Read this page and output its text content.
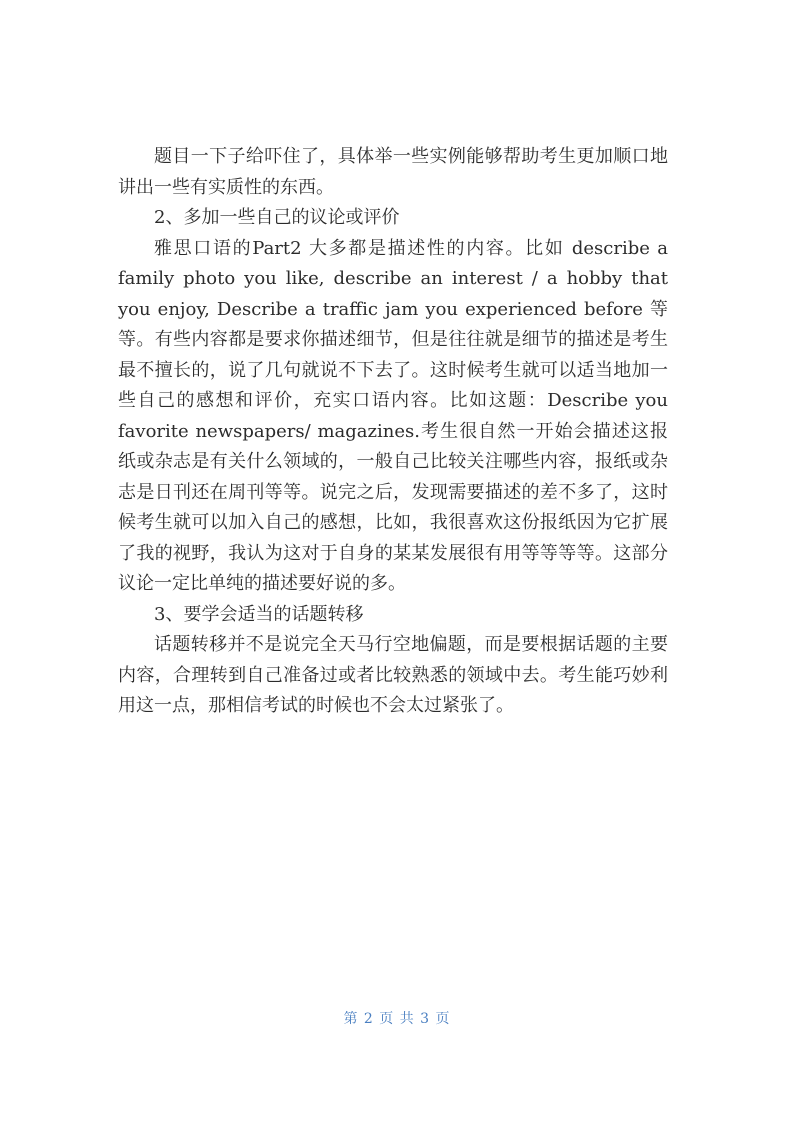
题目一下子给吓住了，具体举一些实例能够帮助考生更加顺口地讲出一些有实质性的东西。

2、多加一些自己的议论或评价

雅思口语的Part2 大多都是描述性的内容。比如 describe a family photo you like, describe an interest / a hobby that you enjoy, Describe a traffic jam you experienced before 等等。有些内容都是要求你描述细节，但是往往就是细节的描述是考生最不擅长的，说了几句就说不下去了。这时候考生就可以适当地加一些自己的感想和评价，充实口语内容。比如这题：Describe you favorite newspapers/ magazines.考生很自然一开始会描述这报纸或杂志是有关什么领域的，一般自己比较关注哪些内容，报纸或杂志是日刊还在周刊等等。说完之后，发现需要描述的差不多了，这时候考生就可以加入自己的感想，比如，我很喜欢这份报纸因为它扩展了我的视野，我认为这对于自身的某某发展很有用等等等等。这部分议论一定比单纯的描述要好说的多。

3、要学会适当的话题转移

话题转移并不是说完全天马行空地偏题，而是要根据话题的主要内容，合理转到自己准备过或者比较熟悉的领域中去。考生能巧妙利用这一点，那相信考试的时候也不会太过紧张了。

第 2 页 共 3 页
